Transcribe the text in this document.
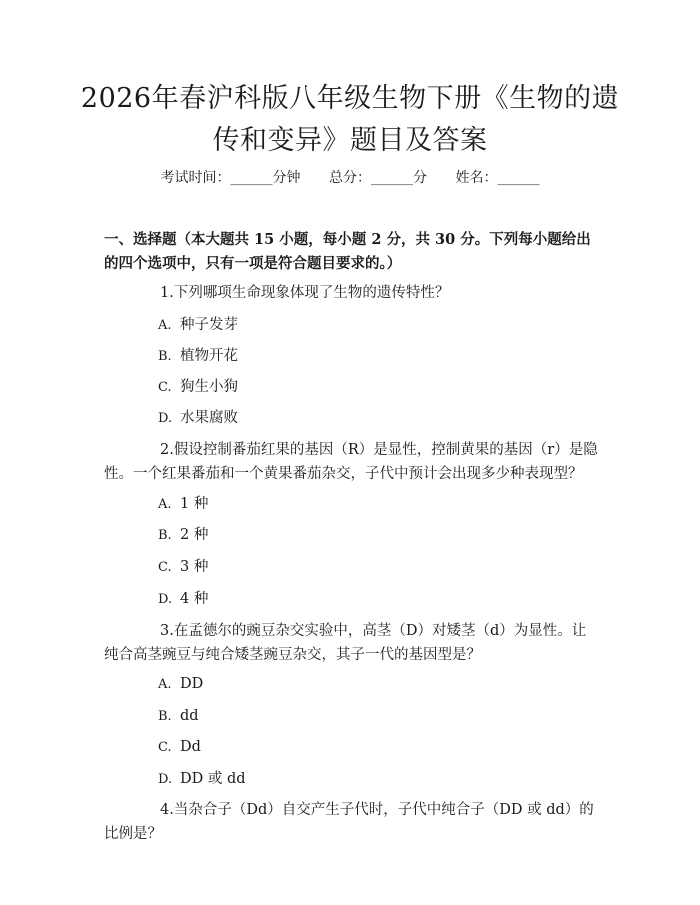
2026年春沪科版八年级生物下册《生物的遗传和变异》题目及答案
考试时间：______分钟 总分：______分 姓名：______
一、选择题（本大题共 15 小题，每小题 2 分，共 30 分。下列每小题给出的四个选项中，只有一项是符合题目要求的。）

1.下列哪项生命现象体现了生物的遗传特性？

A. 种子发芽

B. 植物开花

C. 狗生小狗

D. 水果腐败

2.假设控制番茄红果的基因（R）是显性，控制黄果的基因（r）是隐性。一个红果番茄和一个黄果番茄杂交，子代中预计会出现多少种表现型？

A. 1 种

B. 2 种

C. 3 种

D. 4 种

3.在孟德尔的豌豆杂交实验中，高茎（D）对矮茎（d）为显性。让纯合高茎豌豆与纯合矮茎豌豆杂交，其子一代的基因型是？

A. DD

B. dd

C. Dd

D. DD 或 dd

4.当杂合子（Dd）自交产生子代时，子代中纯合子（DD 或 dd）的比例是？
